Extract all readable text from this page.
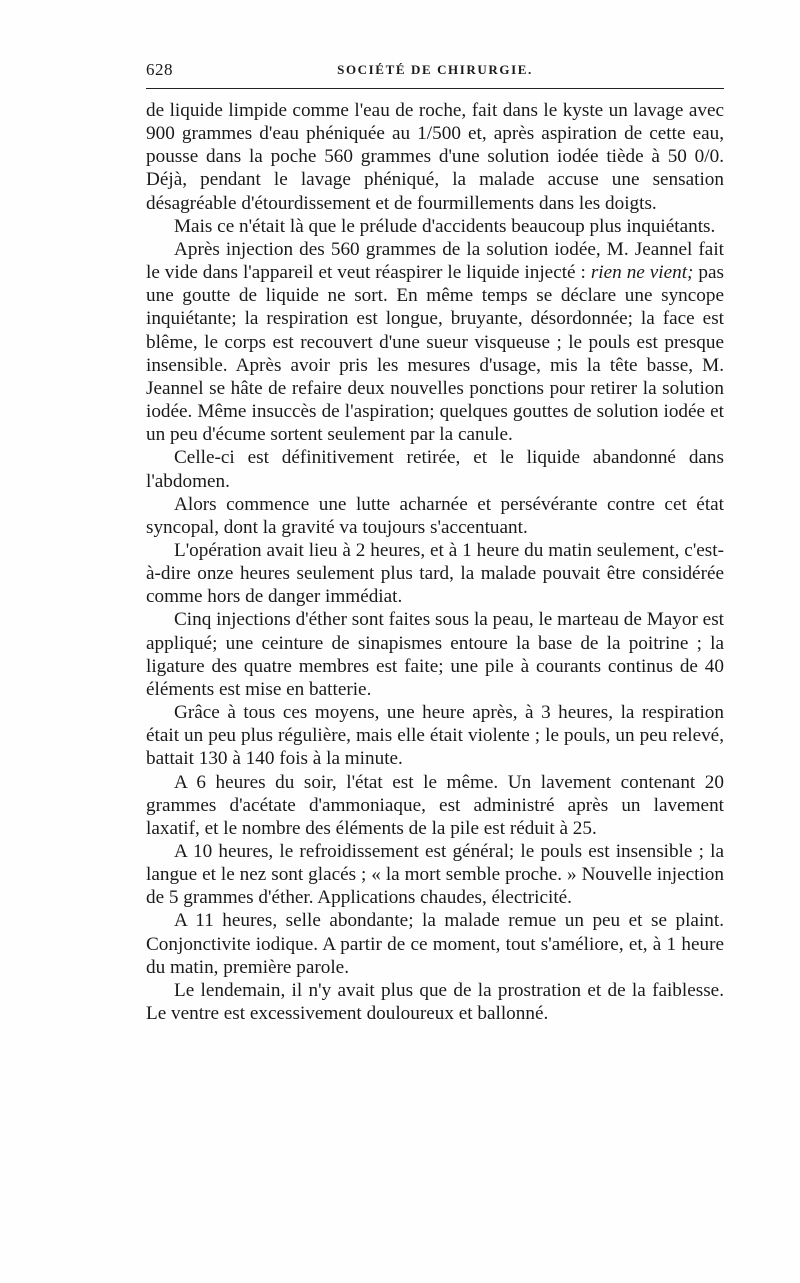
628	SOCIÉTÉ DE CHIRURGIE.

de liquide limpide comme l'eau de roche, fait dans le kyste un lavage avec 900 grammes d'eau phéniquée au 1/500 et, après aspiration de cette eau, pousse dans la poche 560 grammes d'une solution iodée tiède à 50 0/0. Déjà, pendant le lavage phéniqué, la malade accuse une sensation désagréable d'étourdissement et de fourmillements dans les doigts.

Mais ce n'était là que le prélude d'accidents beaucoup plus inquiétants.

Après injection des 560 grammes de la solution iodée, M. Jeannel fait le vide dans l'appareil et veut réaspirer le liquide injecté : rien ne vient; pas une goutte de liquide ne sort. En même temps se déclare une syncope inquiétante; la respiration est longue, bruyante, désordonnée; la face est blême, le corps est recouvert d'une sueur visqueuse ; le pouls est presque insensible. Après avoir pris les mesures d'usage, mis la tête basse, M. Jeannel se hâte de refaire deux nouvelles ponctions pour retirer la solution iodée. Même insuccès de l'aspiration; quelques gouttes de solution iodée et un peu d'écume sortent seulement par la canule.

Celle-ci est définitivement retirée, et le liquide abandonné dans l'abdomen.

Alors commence une lutte acharnée et persévérante contre cet état syncopal, dont la gravité va toujours s'accentuant.

L'opération avait lieu à 2 heures, et à 1 heure du matin seulement, c'est-à-dire onze heures seulement plus tard, la malade pouvait être considérée comme hors de danger immédiat.

Cinq injections d'éther sont faites sous la peau, le marteau de Mayor est appliqué; une ceinture de sinapismes entoure la base de la poitrine ; la ligature des quatre membres est faite; une pile à courants continus de 40 éléments est mise en batterie.

Grâce à tous ces moyens, une heure après, à 3 heures, la respiration était un peu plus régulière, mais elle était violente ; le pouls, un peu relevé, battait 130 à 140 fois à la minute.

A 6 heures du soir, l'état est le même. Un lavement contenant 20 grammes d'acétate d'ammoniaque, est administré après un lavement laxatif, et le nombre des éléments de la pile est réduit à 25.

A 10 heures, le refroidissement est général; le pouls est insensible ; la langue et le nez sont glacés ; « la mort semble proche. » Nouvelle injection de 5 grammes d'éther. Applications chaudes, électricité.

A 11 heures, selle abondante; la malade remue un peu et se plaint. Conjonctivite iodique. A partir de ce moment, tout s'améliore, et, à 1 heure du matin, première parole.

Le lendemain, il n'y avait plus que de la prostration et de la faiblesse. Le ventre est excessivement douloureux et ballonné.
